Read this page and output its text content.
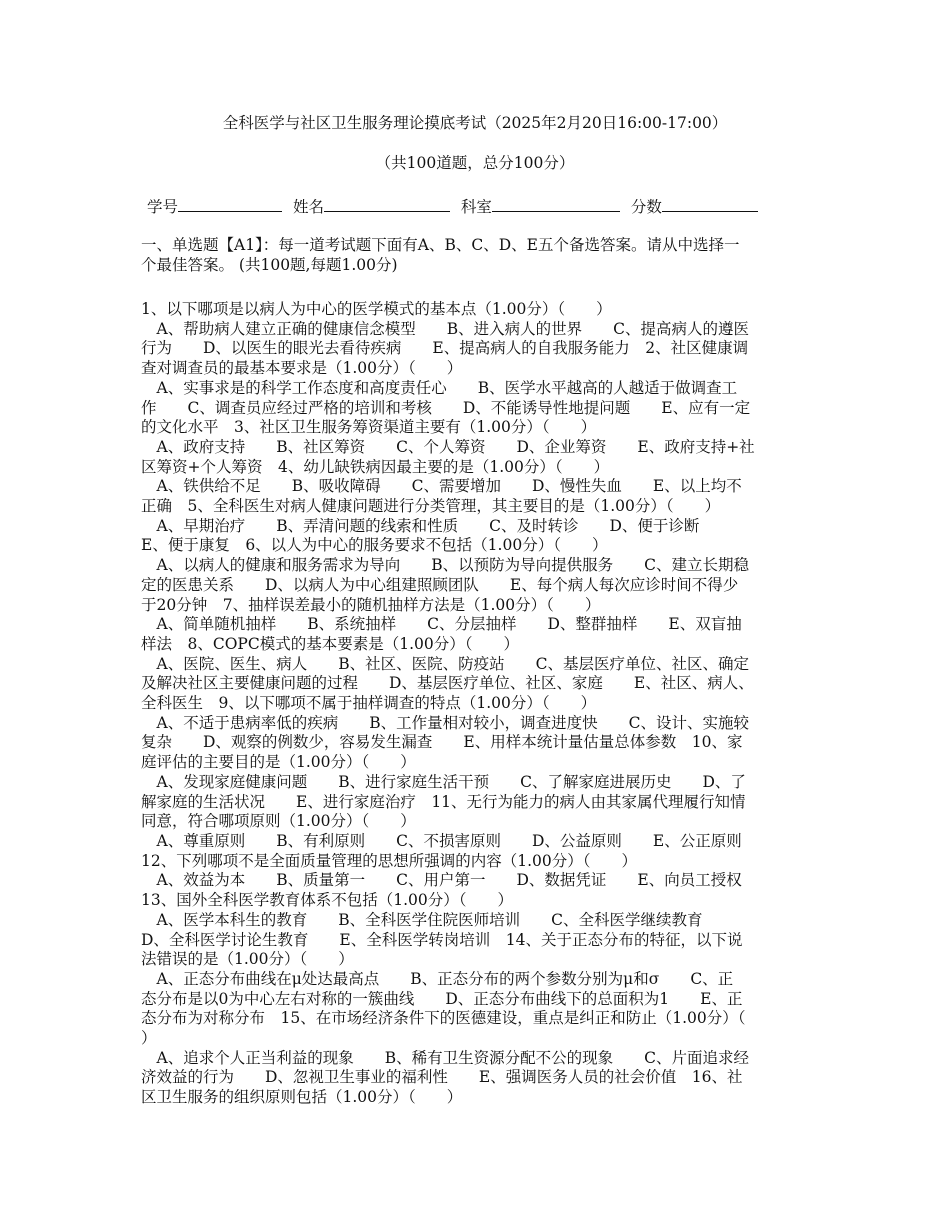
全科医学与社区卫生服务理论摸底考试（2025年2月20日16:00-17:00）
（共100道题，总分100分）
学号	姓名	科室	分数
一、单选题【A1】：每一道考试题下面有A、B、C、D、E五个备选答案。请从中选择一
个最佳答案。 (共100题,每题1.00分)
1、以下哪项是以病人为中心的医学模式的基本点（1.00分）（　　）
　A、帮助病人建立正确的健康信念模型　　B、进入病人的世界　　C、提高病人的遵医
行为　　D、以医生的眼光去看待疾病　　E、提高病人的自我服务能力　2、社区健康调
查对调查员的最基本要求是（1.00分）（　　）
　A、实事求是的科学工作态度和高度责任心　　B、医学水平越高的人越适于做调查工
作　　C、调查员应经过严格的培训和考核　　D、不能诱导性地提问题　　E、应有一定
的文化水平　3、社区卫生服务筹资渠道主要有（1.00分）（　　）
　A、政府支持　　B、社区筹资　　C、个人筹资　　D、企业筹资　　E、政府支持+社
区筹资+个人筹资　4、幼儿缺铁病因最主要的是（1.00分）（　　）
　A、铁供给不足　　B、吸收障碍　　C、需要增加　　D、慢性失血　　E、以上均不
正确　5、全科医生对病人健康问题进行分类管理，其主要目的是（1.00分）（　　）
　A、早期治疗　　B、弄清问题的线索和性质　　C、及时转诊　　D、便于诊断　　
E、便于康复　6、以人为中心的服务要求不包括（1.00分）（　　）
　A、以病人的健康和服务需求为导向　　B、以预防为导向提供服务　　C、建立长期稳
定的医患关系　　D、以病人为中心组建照顾团队　　E、每个病人每次应诊时间不得少
于20分钟　7、抽样误差最小的随机抽样方法是（1.00分）（　　）
　A、简单随机抽样　　B、系统抽样　　C、分层抽样　　D、整群抽样　　E、双盲抽
样法　8、COPC模式的基本要素是（1.00分）（　　）
　A、医院、医生、病人　　B、社区、医院、防疫站　　C、基层医疗单位、社区、确定
及解决社区主要健康问题的过程　　D、基层医疗单位、社区、家庭　　E、社区、病人、
全科医生　9、以下哪项不属于抽样调查的特点（1.00分）（　　）
　A、不适于患病率低的疾病　　B、工作量相对较小，调查进度快　　C、设计、实施较
复杂　　D、观察的例数少，容易发生漏查　　E、用样本统计量估量总体参数　10、家
庭评估的主要目的是（1.00分）（　　）
　A、发现家庭健康问题　　B、进行家庭生活干预　　C、了解家庭进展历史　　D、了
解家庭的生活状况　　E、进行家庭治疗　11、无行为能力的病人由其家属代理履行知情
同意，符合哪项原则（1.00分）（　　）
　A、尊重原则　　B、有利原则　　C、不损害原则　　D、公益原则　　E、公正原则
12、下列哪项不是全面质量管理的思想所强调的内容（1.00分）（　　）
　A、效益为本　　B、质量第一　　C、用户第一　　D、数据凭证　　E、向员工授权
13、国外全科医学教育体系不包括（1.00分）（　　）
　A、医学本科生的教育　　B、全科医学住院医师培训　　C、全科医学继续教育　　
D、全科医学讨论生教育　　E、全科医学转岗培训　14、关于正态分布的特征，以下说
法错误的是（1.00分）（　　）
　A、正态分布曲线在μ处达最高点　　B、正态分布的两个参数分别为μ和σ　　C、正
态分布是以0为中心左右对称的一簇曲线　　D、正态分布曲线下的总面积为1　　E、正
态分布为对称分布　15、在市场经济条件下的医德建设，重点是纠正和防止（1.00分）（
）
　A、追求个人正当利益的现象　　B、稀有卫生资源分配不公的现象　　C、片面追求经
济效益的行为　　D、忽视卫生事业的福利性　　E、强调医务人员的社会价值　16、社
区卫生服务的组织原则包括（1.00分）（　　）
